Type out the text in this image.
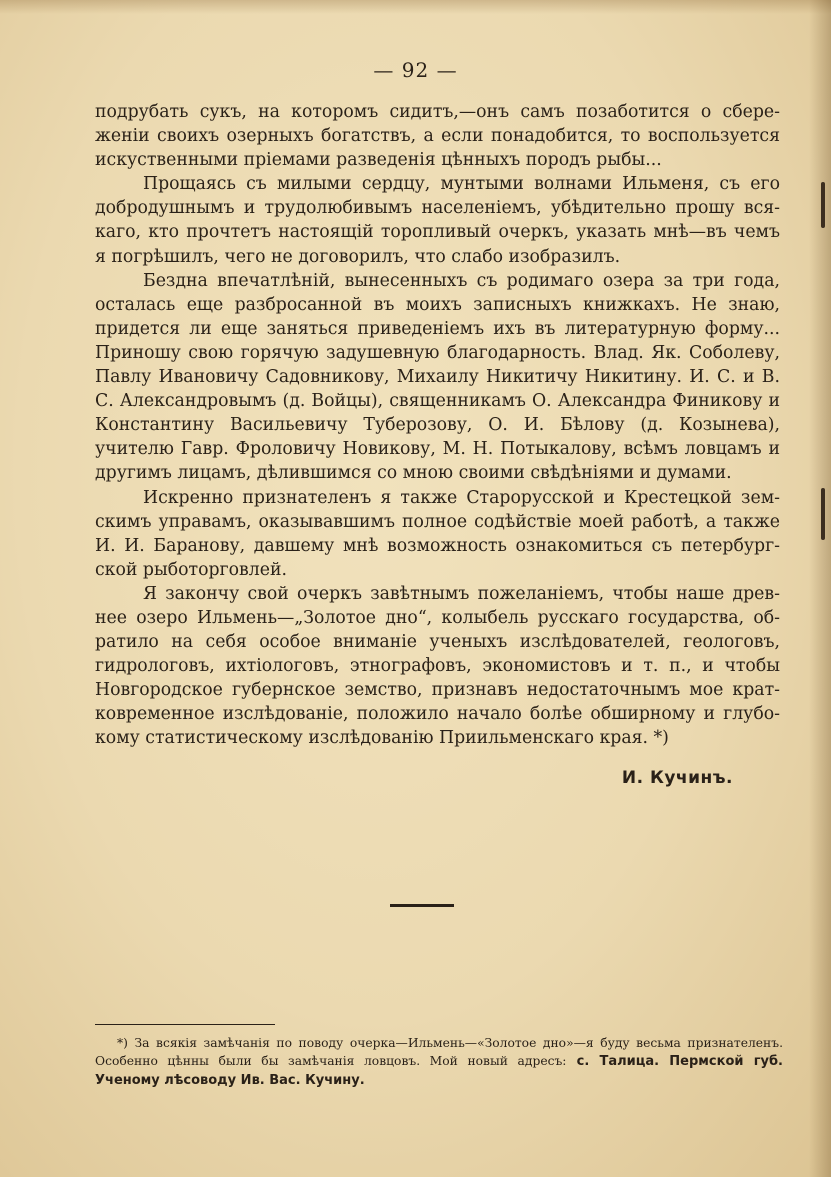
— 92 —

подрубать сукъ, на которомъ сидитъ,—онъ самъ позаботится о сбереженіи своихъ озерныхъ богатствъ, а если понадобится, то воспользуется искуственными пріемами разведенія цѣнныхъ породъ рыбы...

Прощаясь съ милыми сердцу, мунтыми волнами Ильменя, съ его добродушнымъ и трудолюбивымъ населеніемъ, убѣдительно прошу всякаго, кто прочтетъ настоящій торопливый очеркъ, указать мнѣ—въ чемъ я погрѣшилъ, чего не договорилъ, что слабо изобразилъ.

Бездна впечатлѣній, вынесенныхъ съ родимаго озера за три года, осталась еще разбросанной въ моихъ записныхъ книжкахъ. Не знаю, придется ли еще заняться приведеніемъ ихъ въ литературную форму... Приношу свою горячую задушевную благодарность. Влад. Як. Соболеву, Павлу Ивановичу Садовникову, Михаилу Никитичу Никитину. И. С. и В. С. Александровымъ (д. Войцы), священникамъ О. Александра Финикову и Константину Васильевичу Туберозову, О. И. Бѣлову (д. Козынева), учителю Гавр. Фроловичу Новикову, М. Н. Потыкалову, всѣмъ ловцамъ и другимъ лицамъ, дѣлившимся со мною своими свѣдѣніями и думами.

Искренно признателенъ я также Старорусской и Крестецкой земскимъ управамъ, оказывавшимъ полное содѣйствіе моей работѣ, а также И. И. Баранову, давшему мнѣ возможность ознакомиться съ петербургской рыботорговлей.

Я закончу свой очеркъ завѣтнымъ пожеланіемъ, чтобы наше древнее озеро Ильмень—„Золотое дно“, колыбель русскаго государства, обратило на себя особое вниманіе ученыхъ изслѣдователей, геологовъ, гидрологовъ, ихтіологовъ, этнографовъ, экономистовъ и т. п., и чтобы Новгородское губернское земство, признавъ недостаточнымъ мое кратковременное изслѣдованіе, положило начало болѣе обширному и глубокому статистическому изслѣдованію Приильменскаго края. *)

И. Кучинъ.
*) За всякія замѣчанія по поводу очерка—Ильмень—«Золотое дно»—я буду весьма признателенъ. Особенно цѣнны были бы замѣчанія ловцовъ. Мой новый адресъ: с. Талица. Пермской губ. Ученому лѣсоводу Ив. Вас. Кучину.
